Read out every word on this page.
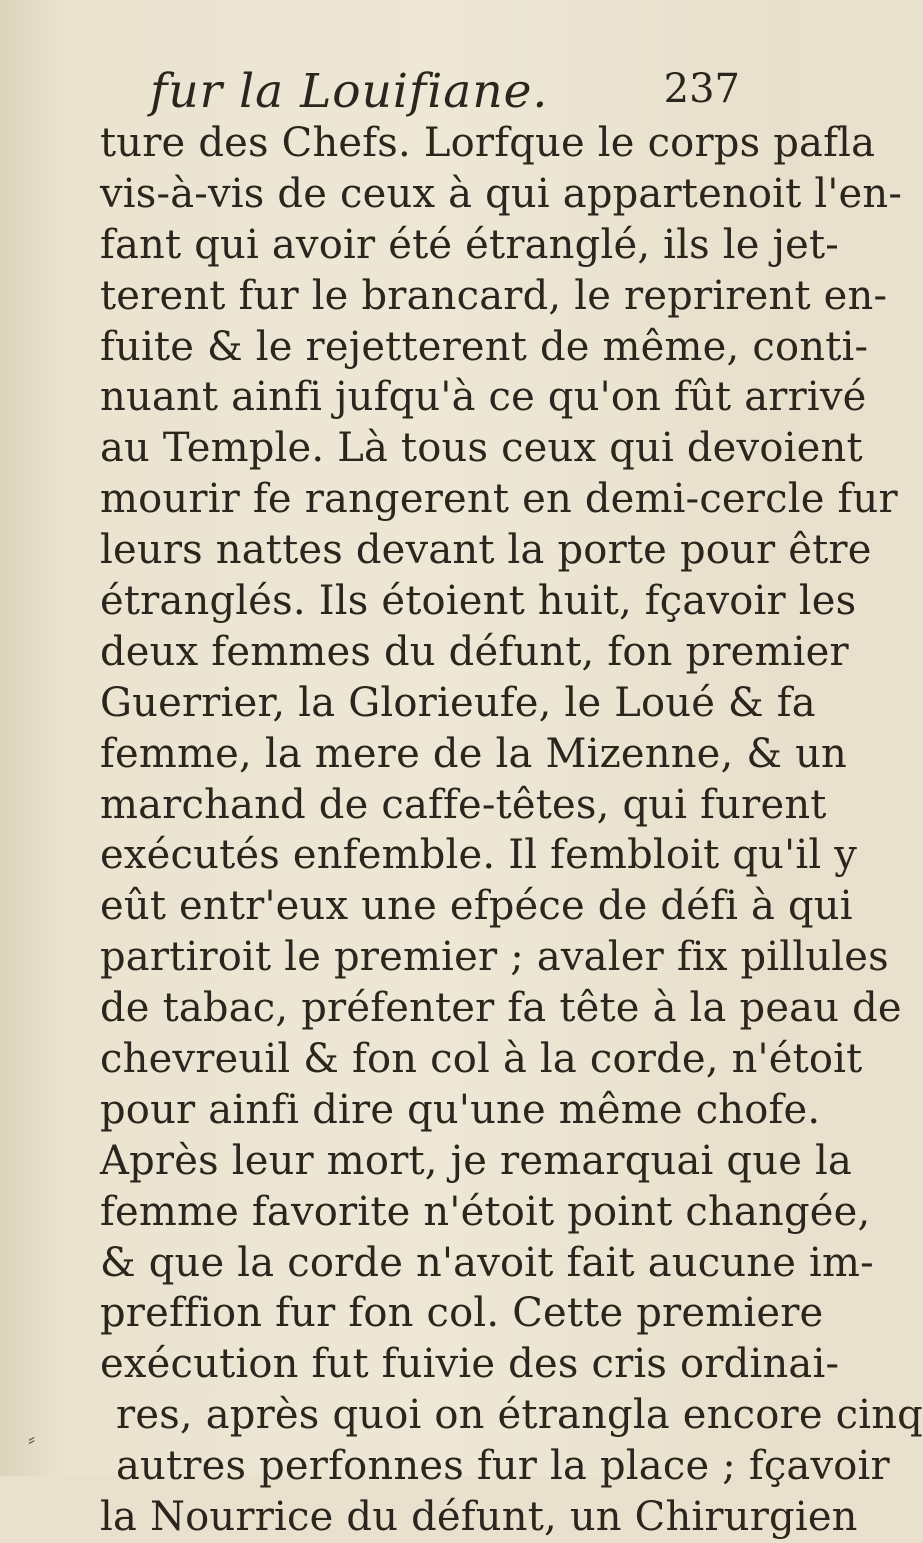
fur la Louifiane.	237
ture des Chefs. Lorfque le corps pafla
vis-à-vis de ceux à qui appartenoit l'en-
fant qui avoir été étranglé, ils le jet-
terent fur le brancard, le reprirent en-
fuite & le rejetterent de même, conti-
nuant ainfi jufqu'à ce qu'on fût arrivé
au Temple. Là tous ceux qui devoient
mourir fe rangerent en demi-cercle fur
leurs nattes devant la porte pour être
étranglés. Ils étoient huit, fçavoir les
deux femmes du défunt, fon premier
Guerrier, la Glorieufe, le Loué & fa
femme, la mere de la Mizenne, & un
marchand de caffe-têtes, qui furent
exécutés enfemble. Il fembloit qu'il y
eût entr'eux une efpéce de défi à qui
partiroit le premier ; avaler fix pillules
de tabac, préfenter fa tête à la peau de
chevreuil & fon col à la corde, n'étoit
pour ainfi dire qu'une même chofe.
Après leur mort, je remarquai que la
femme favorite n'étoit point changée,
& que la corde n'avoit fait aucune im-
preffion fur fon col. Cette premiere
exécution fut fuivie des cris ordinai-
res, après quoi on étrangla encore cinq
autres perfonnes fur la place ; fçavoir
la Nourrice du défunt, un Chirurgien
⸗
